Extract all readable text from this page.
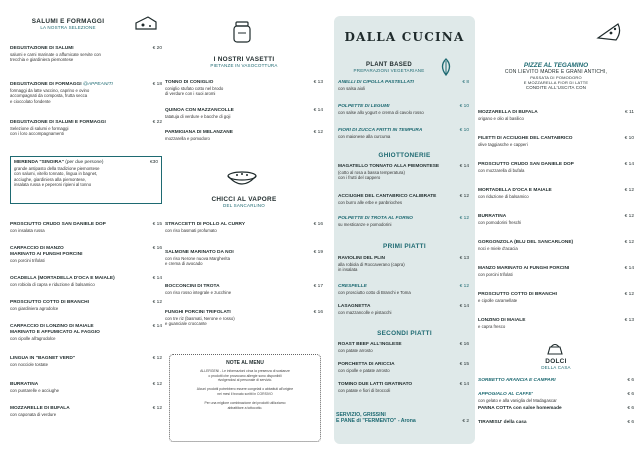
SALUMI E FORMAGGI
LA NOSTRA SELEZIONE
DEGUSTAZIONE DI SALUMI
salumi e carni marinate o affumicate servite con
trecchia e giardiniera piemontese
€ 20
DEGUSTAZIONE DI FORMAGGI @APPEANITI
formaggi da latte vaccino, caprino e ovino
accompagnati da composta, frutta secca
e cioccolato fondente
€ 18
DEGUSTAZIONE DI SALUMI E FORMAGGI
Selezione di salumi e formaggi
con i loro accompagnamenti
€ 22
MERENDA "SINOIRA" (per due persone)
grande antipasto della tradizione piemontese
con salumi, vitello tonnato, lingua in bagnet,
acciughe, giardiniera alla piemontese,
insalata russa e peperoni ripieni al tonno
€30
PROSCIUTTO CRUDO SAN DANIELE DOP
con insalata russa
€ 15
CARPACCIO DI MANZO
MARINATO AI FUNGHI PORCINI
con porcini trifolati
€ 16
OCADELLA (MORTADELLA D'OCA E MAIALE)
con robiola di capra e riduzione di balsamico
€ 14
PROSCIUTTO COTTO DI BRANCHI
con giardiniera agrodolce
€ 12
CARPACCIO DI LONZINO DI MAIALE
MARINATO E AFFUMICATO AL FAGGIO
con cipolle all'agrodolce
€ 14
LINGUA IN "BAGNET VERD"
con nocciole tostate
€ 12
BURRATINA
con puntarelle e acciughe
€ 12
MOZZARELLE DI BUFALA
con caponata di verdure
€ 12
I NOSTRI VASETTI
PIETANZE IN VASOCOTTURA
TONNO DI CONIGLIO
coniglio stufato cotto nel brodo
di verdure con i suoi aromi
€ 13
QUINOA CON MAZZANCOLLE
tatatuja di verdure e bacche di goji
€ 14
PARMIGIANA DI MELANZANE
mozzarella e pomodoro
€ 12
CHICCI AL VAPORE
DEL SANCARLINO
STRACCETTI DI POLLO AL CURRY
con riso basmati profumato
€ 16
SALMONE MARINATO DA NOI
con riso Nerone nuova Margherita
e crema di avocado
€ 19
BOCCONCINI DI TROTA
con riso rosso integrale e zucchine
€ 17
FUNGHI PORCINI TRIFOLATI
con tre riz (basmati, Nerone e rosso)
e guanciale croccante
€ 16
NOTE AL MENU
ALLERGENI - Le informazioni circa la presenza di sostanze
o prodotti che provocano allergie sono disponibili
rivolgendosi al personale di servizio.

Alcuni prodotti potrebbero essere congelati o abbattuti all'origine
nei mesi il trovato scritti in CORSIVO

Per una migliore combinazione dei prodotti utilizziamo
abbattitore a tottocotto.
DALLA CUCINA
PLANT BASED
PREPARAZIONI VEGETARIANE
ANELLI DI CIPOLLA PASTELLATI
con salsa aioli
€ 8
POLPETTE DI LEGUMI
con salse allo yogurt e crema di cavolo rosso
€ 10
FIORI DI ZUCCA FRITTI IN TEMPURA
con maionese alla curcuma
€ 10
GHIOTTONERIE
MAGATELLO TONNATO ALLA PIEMONTESE
(cotto al rosa a bassa temperatura)
con i frutti del cappero
€ 14
ACCIUGHE DEL CANTABRICO CALIBRATE
con burro alle erbe e panbrioches
€ 12
POLPETTE DI TROTA AL FORNO
su mesticanze e pomodorini
€ 12
PRIMI PIATTI
RAVIOLINI DEL PLIN
alla robiola di Roccaverano (capra)
in insalata
€ 13
CRESPELLE
con prosciutto cotto di Branchi e Toma
€ 12
LASAGNETTA
con mazzancolle e pistacchi
€ 14
SECONDI PIATTI
ROAST BEEF ALL'INGLESE
con patate arrosto
€ 16
PORCHETTA DI ARICCIA
con cipolle e patate arrosto
€ 15
TOMINO DUE LATTI GRATINATO
con patate e fiori di broccoli
€ 14
SERVIZIO, GRISSINI
E PANE di "FERMENTO" - Arona	€ 2
PIZZE AL TEGAMINO
CON LIEVITO MADRE E GRANI ANTICHI,
PASSATA DI POMODORO
E MOZZARELLA FIOR DI LATTE
CONDITE ALL'USCITA CON
MOZZARELLA DI BUFALA
origano e olio al basilico
€ 11
FILETTI DI ACCIUGHE DEL CANTABRICO
olive taggiasche e capperi
€ 10
PROSCIUTTO CRUDO SAN DANIELE DOP
con mozzarella di bufala
€ 14
MORTADELLA D'OCA E MAIALE
con riduzione di balsamico
€ 12
BURRATINA
con pomodorini freschi
€ 12
GORGONZOLA (BLU DEL SANCARLONE)
noci e miele d'acacia
€ 12
MANZO MARINATO AI FUNGHI PORCINI
con porcini trifolati
€ 14
PROSCIUTTO COTTO DI BRANCHI
e cipolle caramellate
€ 12
LONZINO DI MAIALE
e capra fresco
€ 13
DOLCI
DELLA CASA
SORBETTO ARANCIA E CAMPARI	€ 6
APPOGIALO AL CAFFE'
con gelato e alla vaniglia del Madagascar
€ 6
PANNA COTTA con salse homemade	€ 6
TIRAMISU' della casa	€ 6
